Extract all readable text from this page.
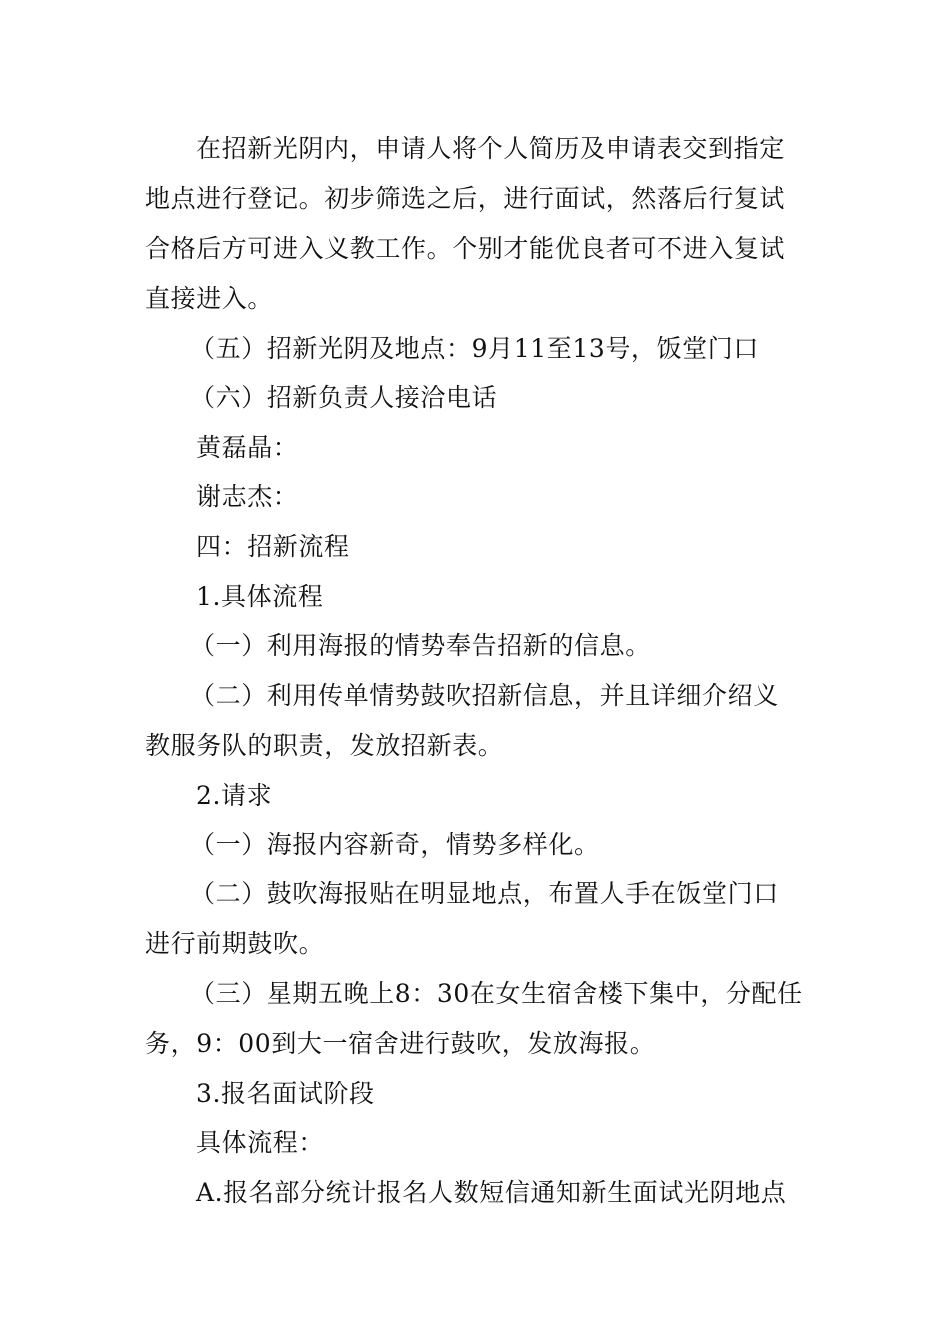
在招新光阴内，申请人将个人简历及申请表交到指定
地点进行登记。初步筛选之后，进行面试，然落后行复试
合格后方可进入义教工作。个别才能优良者可不进入复试
直接进入。
（五）招新光阴及地点：9月11至13号，饭堂门口
（六）招新负责人接洽电话
黄磊晶：
谢志杰：
四：招新流程
1.具体流程
（一）利用海报的情势奉告招新的信息。
（二）利用传单情势鼓吹招新信息，并且详细介绍义
教服务队的职责，发放招新表。
2.请求
（一）海报内容新奇，情势多样化。
（二）鼓吹海报贴在明显地点，布置人手在饭堂门口
进行前期鼓吹。
（三）星期五晚上8：30在女生宿舍楼下集中，分配任
务，9：00到大一宿舍进行鼓吹，发放海报。
3.报名面试阶段
具体流程：
A.报名部分统计报名人数短信通知新生面试光阴地点
